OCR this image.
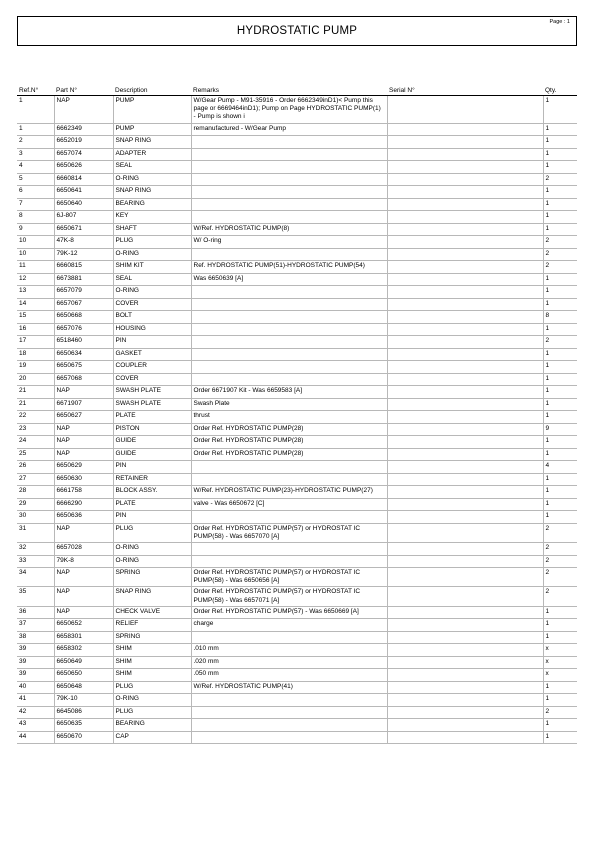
Page : 1
HYDROSTATIC PUMP
Ref.N°	Part N°	Description	Remarks	Serial N°	Qty.
1	NAP	PUMP	W/Gear Pump - M91-35916 - Order 6662349inD1)< Pump this page or 6669464inD1); Pump on Page HYDROSTATIC PUMP(1) - Pump is shown i		1
1	6662349	PUMP	remanufactured - W/Gear Pump		1
2	6652019	SNAP RING			1
3	6657074	ADAPTER			1
4	6650626	SEAL			1
5	6660814	O-RING			2
6	6650641	SNAP RING			1
7	6650640	BEARING			1
8	6J-807	KEY			1
9	6650671	SHAFT	W/Ref. HYDROSTATIC PUMP(8)		1
10	47K-8	PLUG	W/ O-ring		2
10	79K-12	O-RING			2
11	6660815	SHIM KIT	Ref. HYDROSTATIC PUMP(51)-HYDROSTATIC PUMP(54)		2
12	6673881	SEAL	Was 6650639 [A]		1
13	6657079	O-RING			1
14	6657067	COVER			1
15	6650668	BOLT			8
16	6657076	HOUSING			1
17	6518460	PIN			2
18	6650634	GASKET			1
19	6650675	COUPLER			1
20	6657068	COVER			1
21	NAP	SWASH PLATE	Order 6671907 Kit - Was 6659583 [A]		1
21	6671907	SWASH PLATE	Swash Plate		1
22	6650627	PLATE	thrust		1
23	NAP	PISTON	Order Ref. HYDROSTATIC PUMP(28)		9
24	NAP	GUIDE	Order Ref. HYDROSTATIC PUMP(28)		1
25	NAP	GUIDE	Order Ref. HYDROSTATIC PUMP(28)		1
26	6650629	PIN			4
27	6650630	RETAINER			1
28	6661758	BLOCK ASSY.	W/Ref. HYDROSTATIC PUMP(23)-HYDROSTATIC PUMP(27)		1
29	6666290	PLATE	valve - Was 6650672 [C]		1
30	6650636	PIN			1
31	NAP	PLUG	Order Ref. HYDROSTATIC PUMP(57) or HYDROSTAT IC PUMP(58) - Was 6657070 [A]		2
32	6657028	O-RING			2
33	79K-8	O-RING			2
34	NAP	SPRING	Order Ref. HYDROSTATIC PUMP(57) or HYDROSTAT IC PUMP(58) - Was 6650656 [A]		2
35	NAP	SNAP RING	Order Ref. HYDROSTATIC PUMP(57) or HYDROSTAT IC PUMP(58) - Was 6657071 [A]		2
36	NAP	CHECK VALVE	Order Ref. HYDROSTATIC PUMP(57) - Was 6650669 [A]		1
37	6650652	RELIEF	charge		1
38	6658301	SPRING			1
39	6658302	SHIM	.010 mm		x
39	6650649	SHIM	.020 mm		x
39	6650650	SHIM	.050 mm		x
40	6650648	PLUG	W/Ref. HYDROSTATIC PUMP(41)		1
41	79K-10	O-RING			1
42	6645086	PLUG			2
43	6650635	BEARING			1
44	6650670	CAP			1
